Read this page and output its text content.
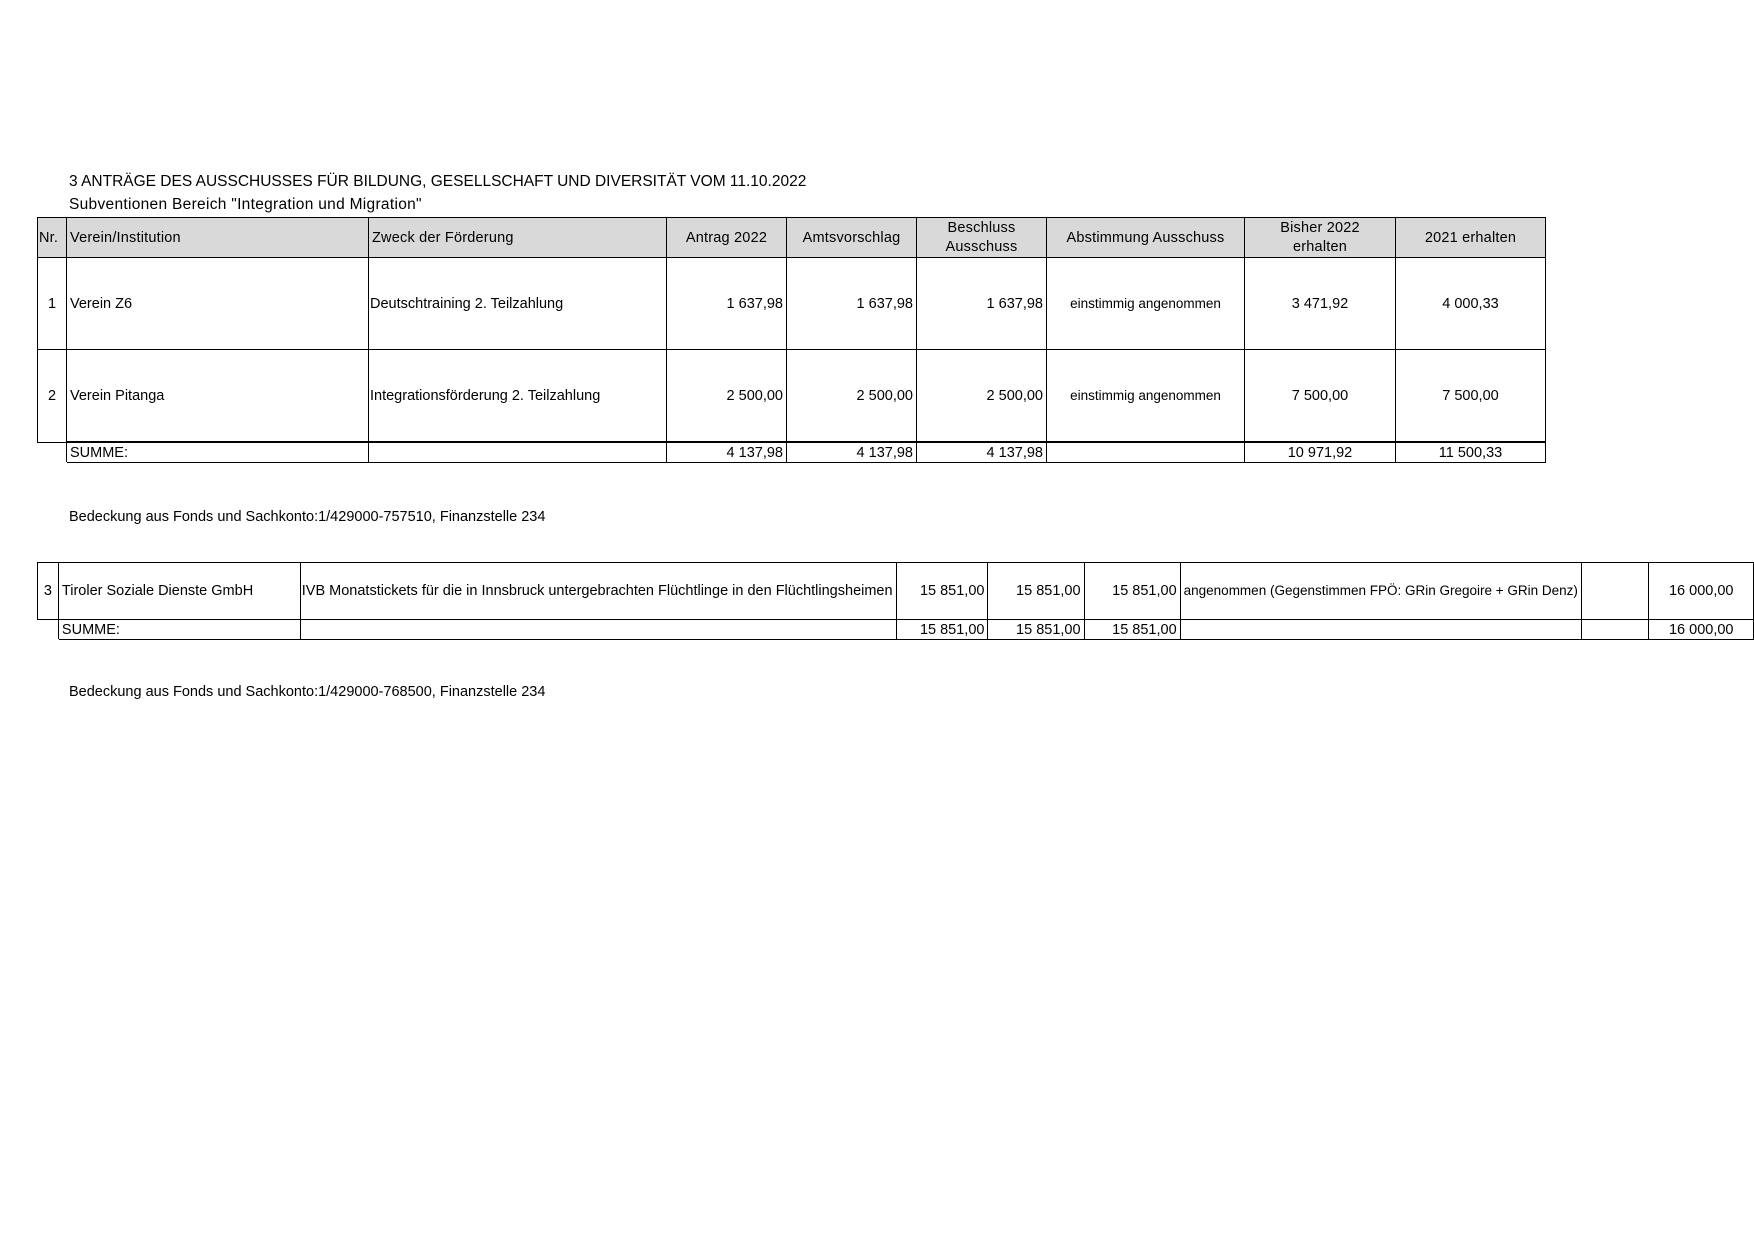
3 ANTRÄGE DES AUSSCHUSSES FÜR BILDUNG, GESELLSCHAFT UND DIVERSITÄT VOM 11.10.2022
Subventionen Bereich "Integration und Migration"
Nr.	Verein/Institution	Zweck der Förderung	Antrag 2022	Amtsvorschlag	Beschluss Ausschuss	Abstimmung Ausschuss	Bisher 2022 erhalten	2021 erhalten
1	Verein Z6	Deutschtraining 2. Teilzahlung	1 637,98	1 637,98	1 637,98	einstimmig angenommen	3 471,92	4 000,33
2	Verein Pitanga	Integrationsförderung 2. Teilzahlung	2 500,00	2 500,00	2 500,00	einstimmig angenommen	7 500,00	7 500,00
	SUMME:		4 137,98	4 137,98	4 137,98		10 971,92	11 500,33
Bedeckung aus Fonds und Sachkonto:1/429000-757510, Finanzstelle 234
3	Tiroler Soziale Dienste GmbH	IVB Monatstickets für die in Innsbruck untergebrachten Flüchtlinge in den Flüchtlingsheimen	15 851,00	15 851,00	15 851,00	angenommen (Gegenstimmen FPÖ: GRin Gregoire + GRin Denz)		16 000,00
	SUMME:		15 851,00	15 851,00	15 851,00			16 000,00
Bedeckung aus Fonds und Sachkonto:1/429000-768500, Finanzstelle 234
